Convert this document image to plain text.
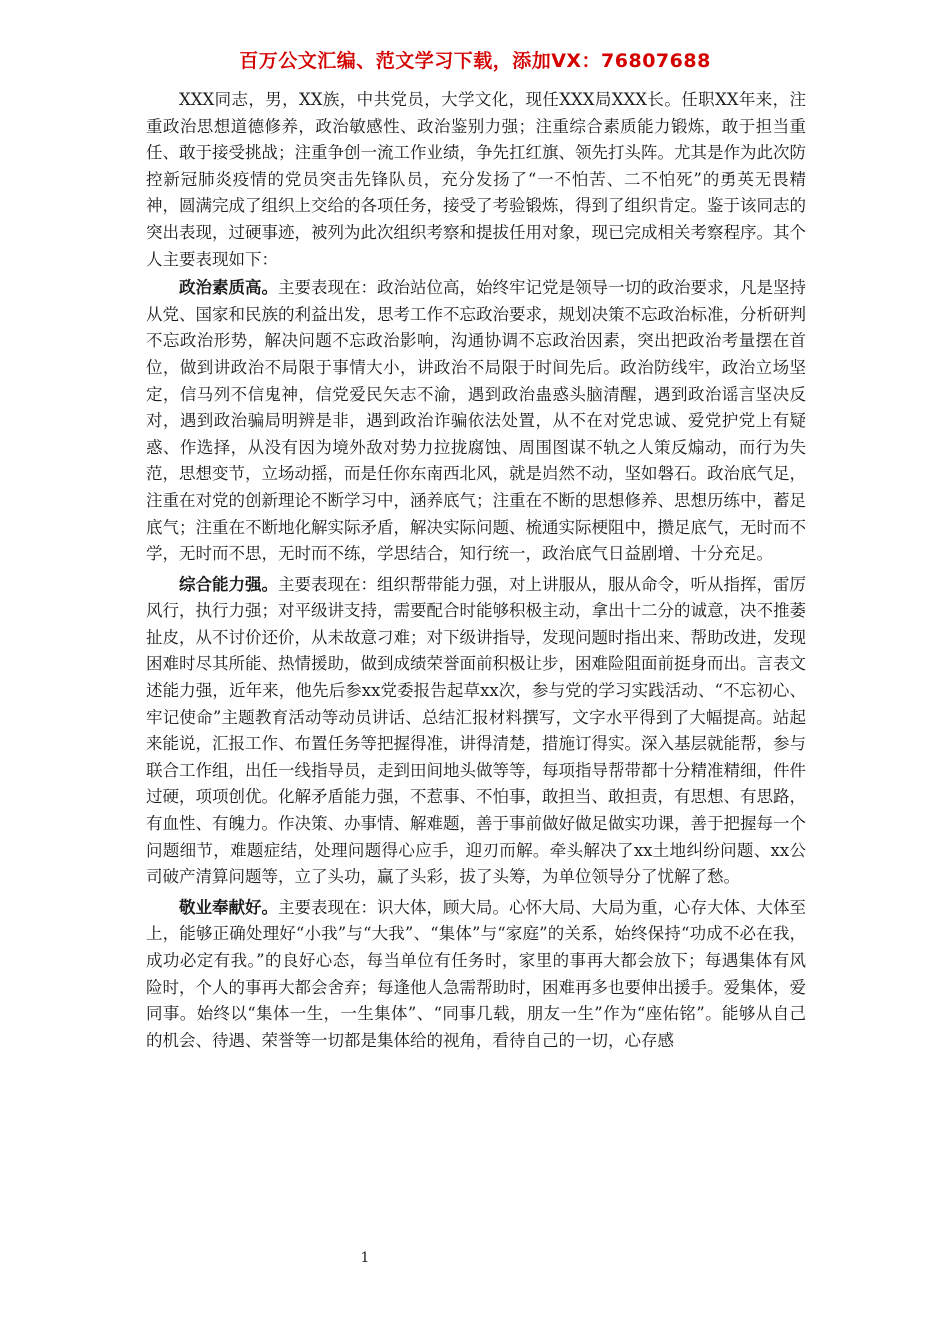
百万公文汇编、范文学习下载，添加VX：76807688

XXX同志，男，XX族，中共党员，大学文化，现任XXX局XXX长。任职XX年来，注重政治思想道德修养，政治敏感性、政治鉴别力强；注重综合素质能力锻炼，敢于担当重任、敢于接受挑战；注重争创一流工作业绩，争先扛红旗、领先打头阵。尤其是作为此次防控新冠肺炎疫情的党员突击先锋队员，充分发扬了“一不怕苦、二不怕死”的勇英无畏精神，圆满完成了组织上交给的各项任务，接受了考验锻炼，得到了组织肯定。鉴于该同志的突出表现，过硬事迹，被列为此次组织考察和提拔任用对象，现已完成相关考察程序。其个人主要表现如下：

政治素质高。主要表现在：政治站位高，始终牢记党是领导一切的政治要求，凡是坚持从党、国家和民族的利益出发，思考工作不忘政治要求，规划决策不忘政治标准，分析研判不忘政治形势，解决问题不忘政治影响，沟通协调不忘政治因素，突出把政治考量摆在首位，做到讲政治不局限于事情大小，讲政治不局限于时间先后。政治防线牢，政治立场坚定，信马列不信鬼神，信党爱民矢志不渝，遇到政治蛊惑头脑清醒，遇到政治谣言坚决反对，遇到政治骗局明辨是非，遇到政治诈骗依法处置，从不在对党忠诚、爱党护党上有疑惑、作选择，从没有因为境外敌对势力拉拢腐蚀、周围图谋不轨之人策反煽动，而行为失范，思想变节，立场动摇，而是任你东南西北风，就是岿然不动，坚如磐石。政治底气足，注重在对党的创新理论不断学习中，涵养底气；注重在不断的思想修养、思想历练中，蓄足底气；注重在不断地化解实际矛盾，解决实际问题、梳通实际梗阻中，攒足底气，无时而不学，无时而不思，无时而不练，学思结合，知行统一，政治底气日益剧增、十分充足。

综合能力强。主要表现在：组织帮带能力强，对上讲服从，服从命令，听从指挥，雷厉风行，执行力强；对平级讲支持，需要配合时能够积极主动，拿出十二分的诚意，决不推萎扯皮，从不讨价还价，从未故意刁难；对下级讲指导，发现问题时指出来、帮助改进，发现困难时尽其所能、热情援助，做到成绩荣誉面前积极让步，困难险阻面前挺身而出。言表文述能力强，近年来，他先后参xx党委报告起草xx次，参与党的学习实践活动、“不忘初心、牢记使命”主题教育活动等动员讲话、总结汇报材料撰写，文字水平得到了大幅提高。站起来能说，汇报工作、布置任务等把握得准，讲得清楚，措施订得实。深入基层就能帮，参与联合工作组，出任一线指导员，走到田间地头做等等，每项指导帮带都十分精准精细，件件过硬，项项创优。化解矛盾能力强，不惹事、不怕事，敢担当、敢担责，有思想、有思路，有血性、有魄力。作决策、办事情、解难题，善于事前做好做足做实功课，善于把握每一个问题细节，难题症结，处理问题得心应手，迎刃而解。牵头解决了xx土地纠纷问题、xx公司破产清算问题等，立了头功，赢了头彩，拔了头筹，为单位领导分了忧解了愁。

敬业奉献好。主要表现在：识大体，顾大局。心怀大局、大局为重，心存大体、大体至上，能够正确处理好“小我”与“大我”、“集体”与“家庭”的关系，始终保持“功成不必在我，成功必定有我。”的良好心态，每当单位有任务时，家里的事再大都会放下；每遇集体有风险时，个人的事再大都会舍弃；每逢他人急需帮助时，困难再多也要伸出援手。爱集体，爱同事。始终以“集体一生，一生集体”、“同事几载，朋友一生”作为“座佑铭”。能够从自己的机会、待遇、荣誉等一切都是集体给的视角，看待自己的一切，心存感

1
